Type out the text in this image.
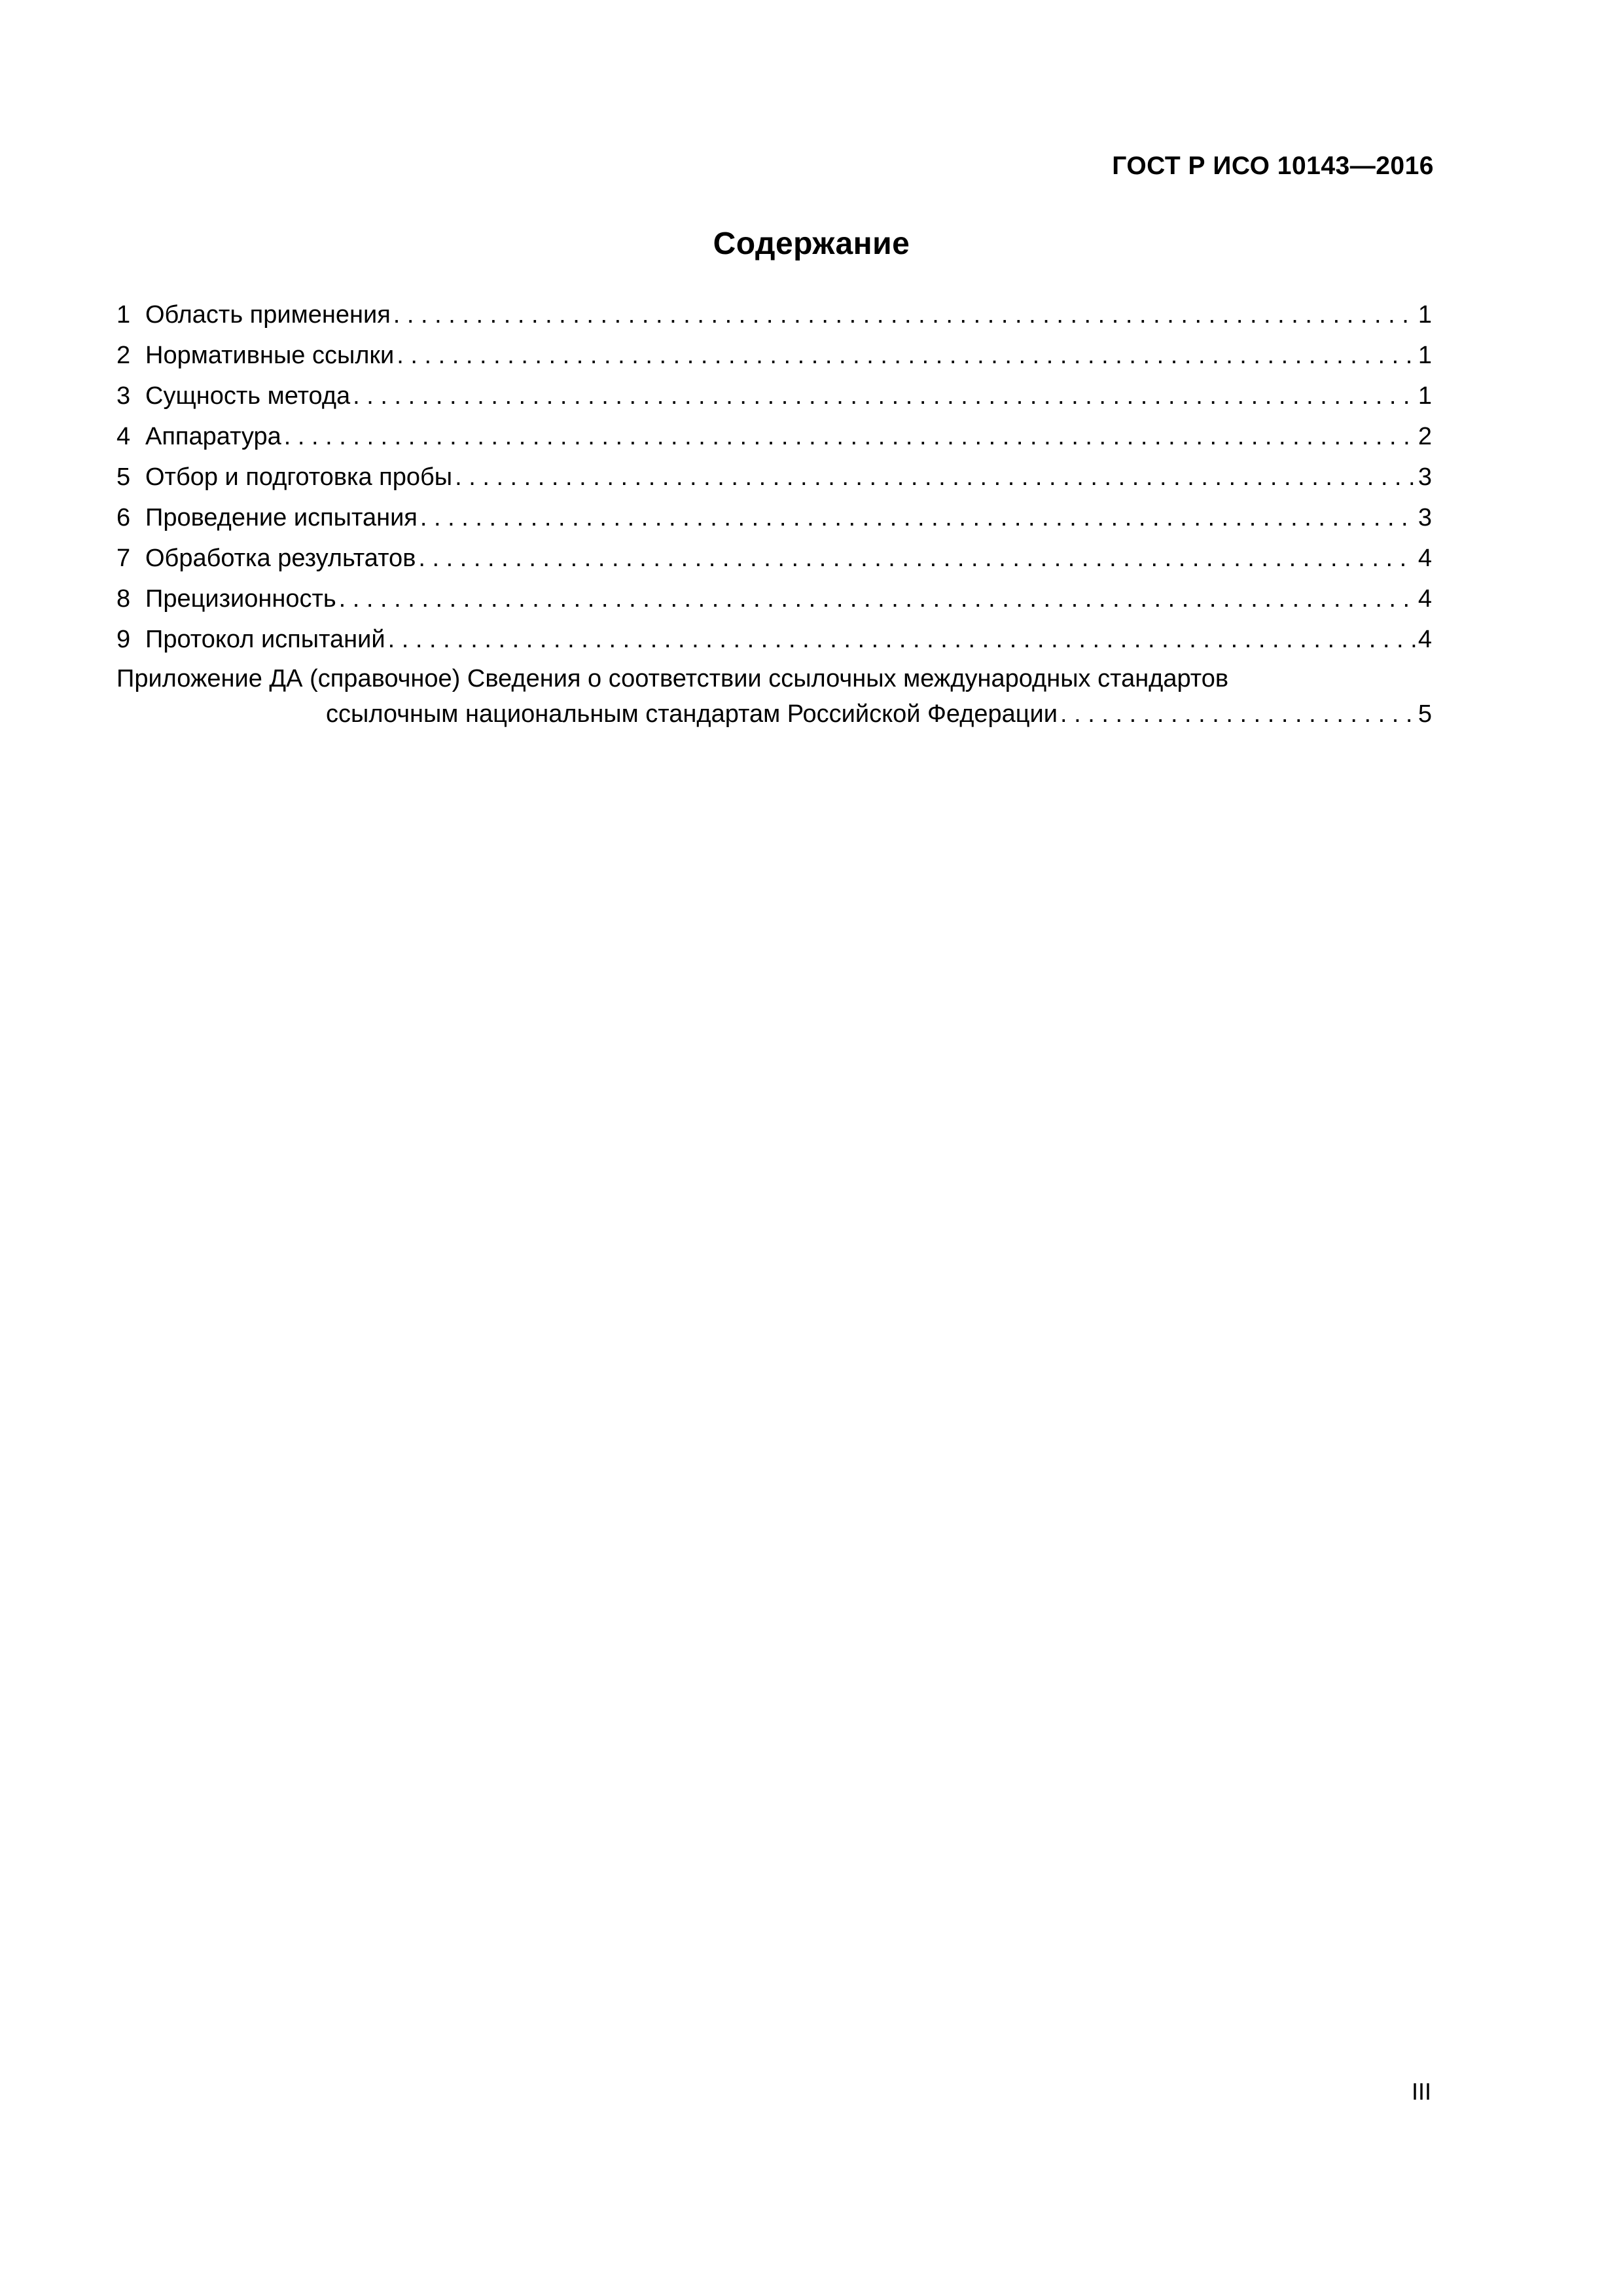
ГОСТ Р ИСО 10143—2016
Содержание
1 Область применения . . .	1
2 Нормативные ссылки . . .	1
3 Сущность метода . . .	1
4 Аппаратура . . .	2
5 Отбор и подготовка пробы . . .	3
6 Проведение испытания . . .	3
7 Обработка результатов . . .	4
8 Прецизионность . . .	4
9 Протокол испытаний . . .	4
Приложение ДА (справочное) Сведения о соответствии ссылочных международных стандартов
ссылочным национальным стандартам Российской Федерации . . .	5
III
